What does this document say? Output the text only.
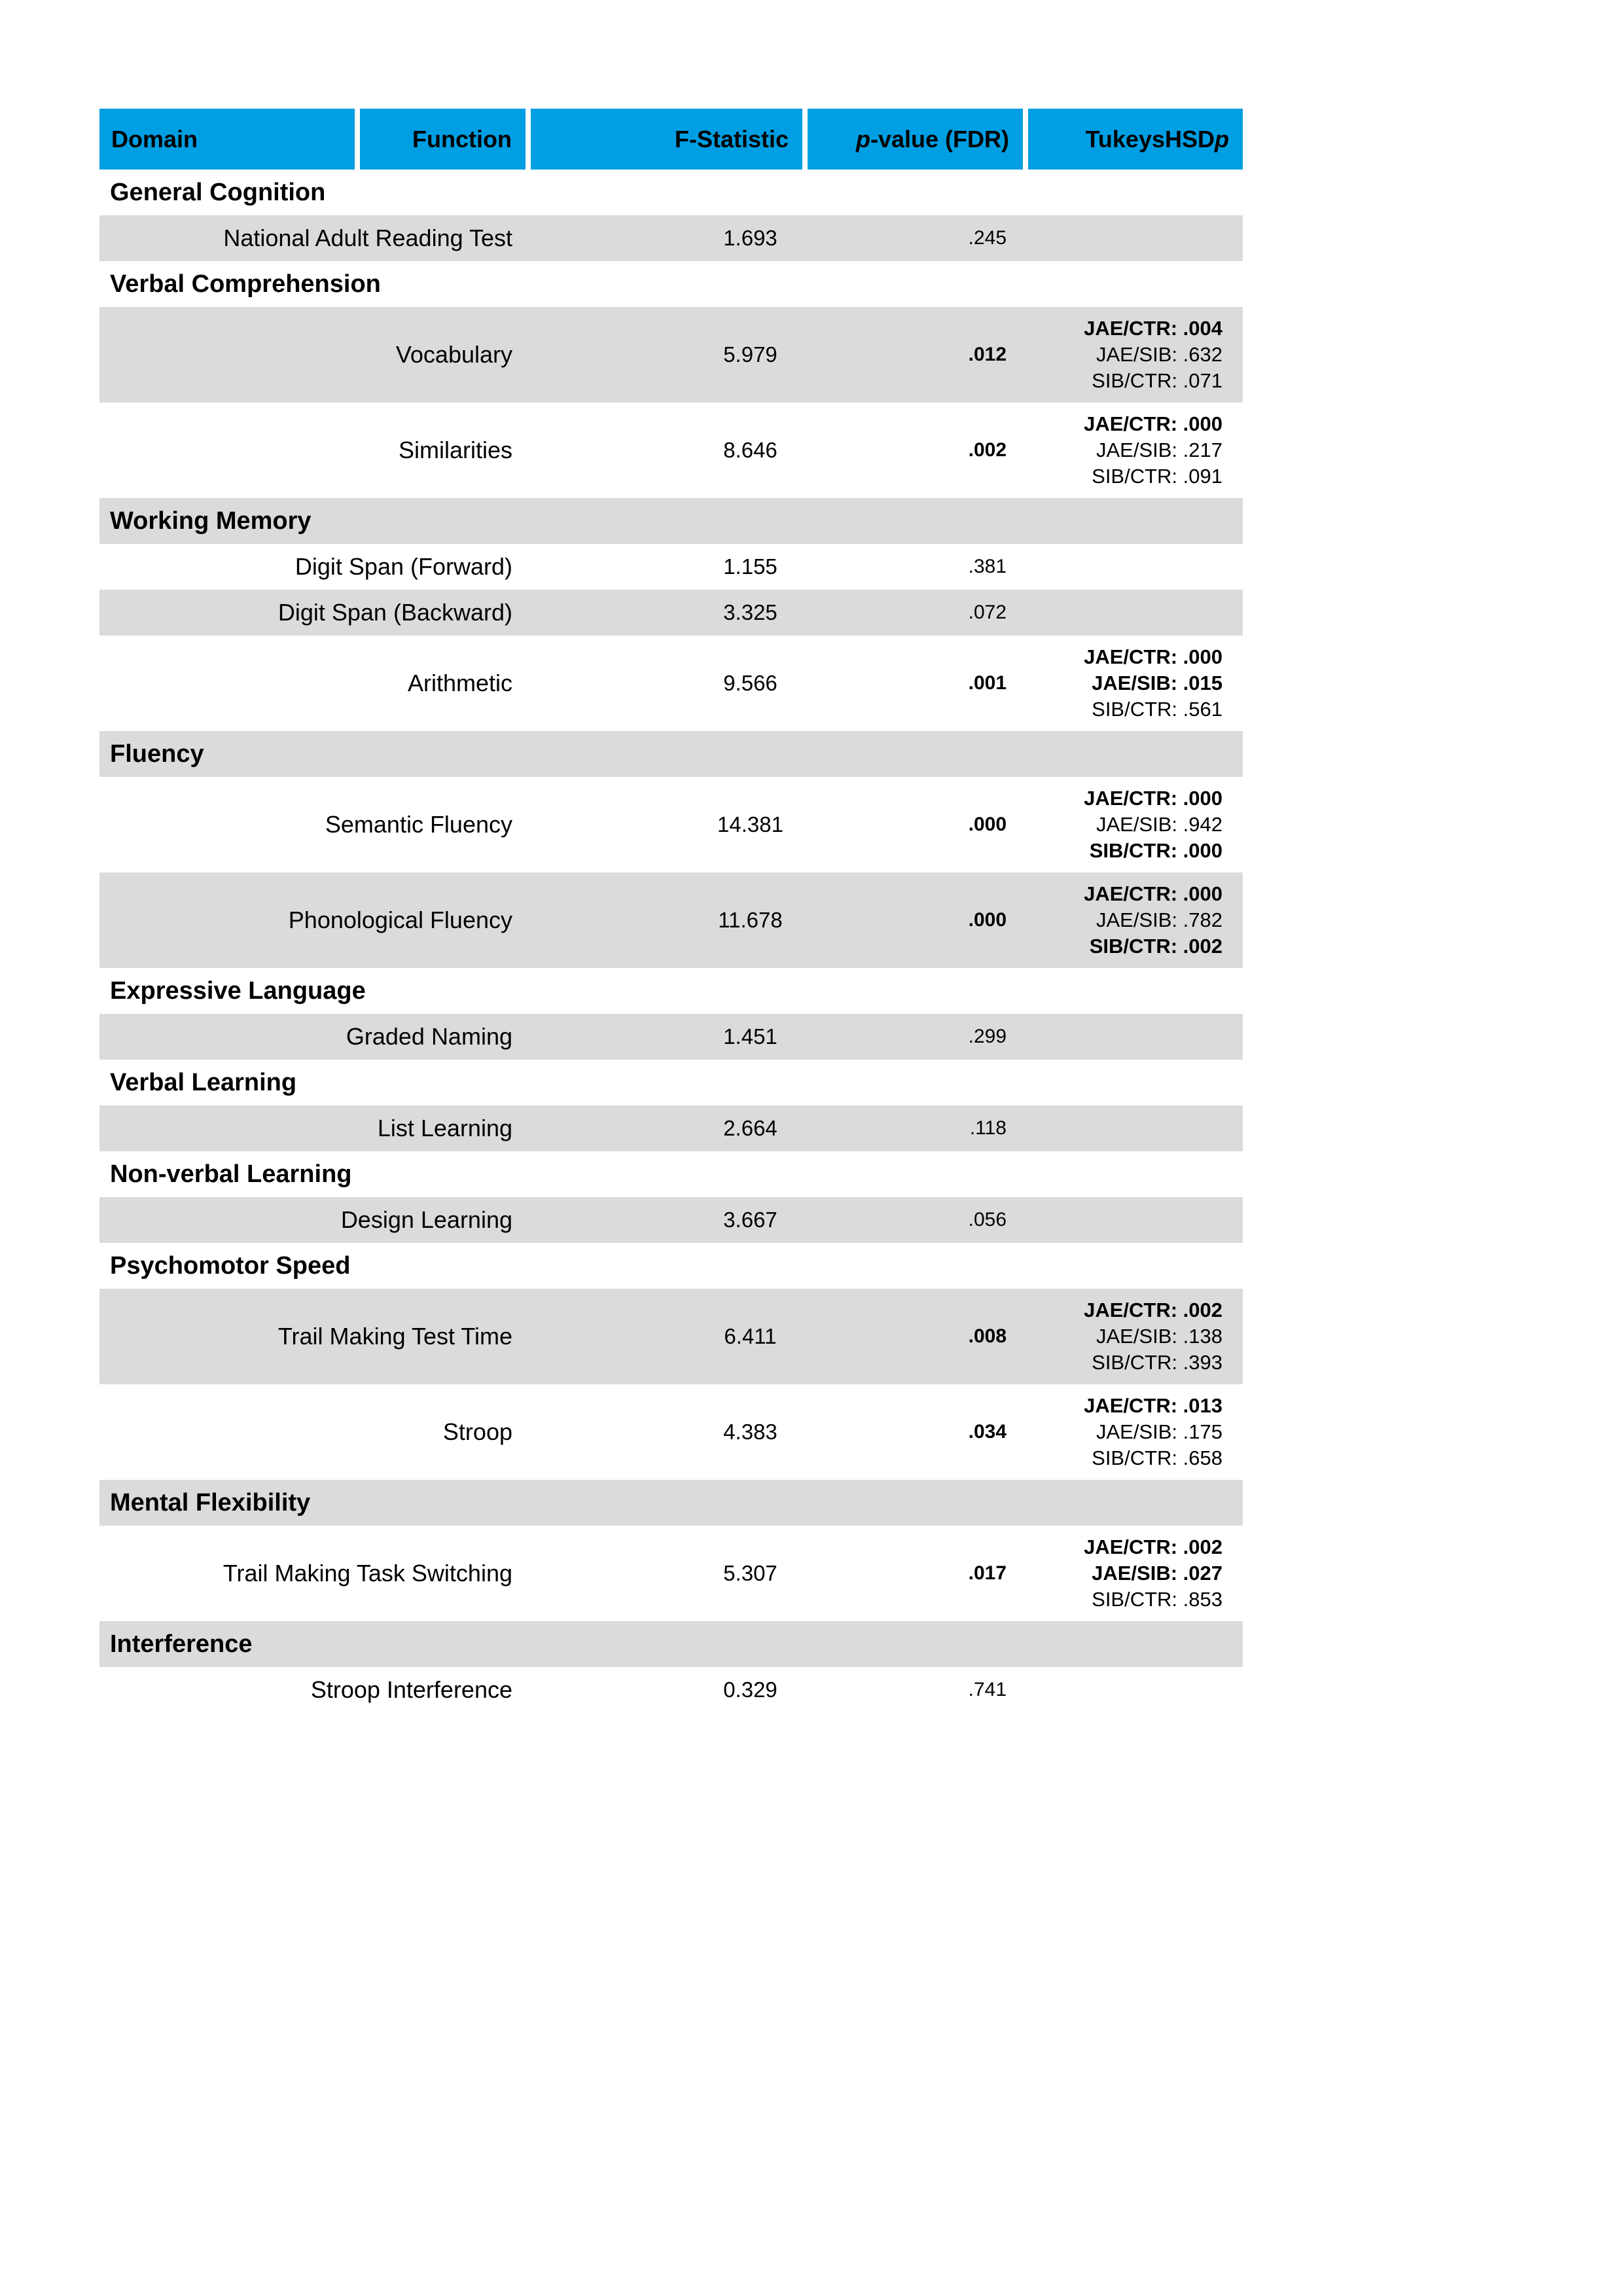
Domain	Function	F-Statistic	p -value (FDR)	TukeysHSD p
General Cognition
National Adult Reading Test	1.693	.245
Verbal Comprehension
Vocabulary	5.979	.012
JAE/CTR: .004
JAE/SIB: .632
SIB/CTR: .071
Similarities	8.646	.002
JAE/CTR: .000
JAE/SIB: .217
SIB/CTR: .091
Working Memory
Digit Span (Forward)	1.155	.381
Digit Span (Backward)	3.325	.072
Arithmetic	9.566	.001
JAE/CTR: .000
JAE/SIB: .015
SIB/CTR: .561
Fluency
Semantic Fluency	14.381	.000
JAE/CTR: .000
JAE/SIB: .942
SIB/CTR: .000
Phonological Fluency	11.678	.000
JAE/CTR: .000
JAE/SIB: .782
SIB/CTR: .002
Expressive Language
Graded Naming	1.451	.299
Verbal Learning
List Learning	2.664	.118
Non-verbal Learning
Design Learning	3.667	.056
Psychomotor Speed
Trail Making Test Time	6.411	.008
JAE/CTR: .002
JAE/SIB: .138
SIB/CTR: .393
Stroop	4.383	.034
JAE/CTR: .013
JAE/SIB: .175
SIB/CTR: .658
Mental Flexibility
Trail Making Task Switching	5.307	.017
JAE/CTR: .002
JAE/SIB: .027
SIB/CTR: .853
Interference
Stroop Interference	0.329	.741
